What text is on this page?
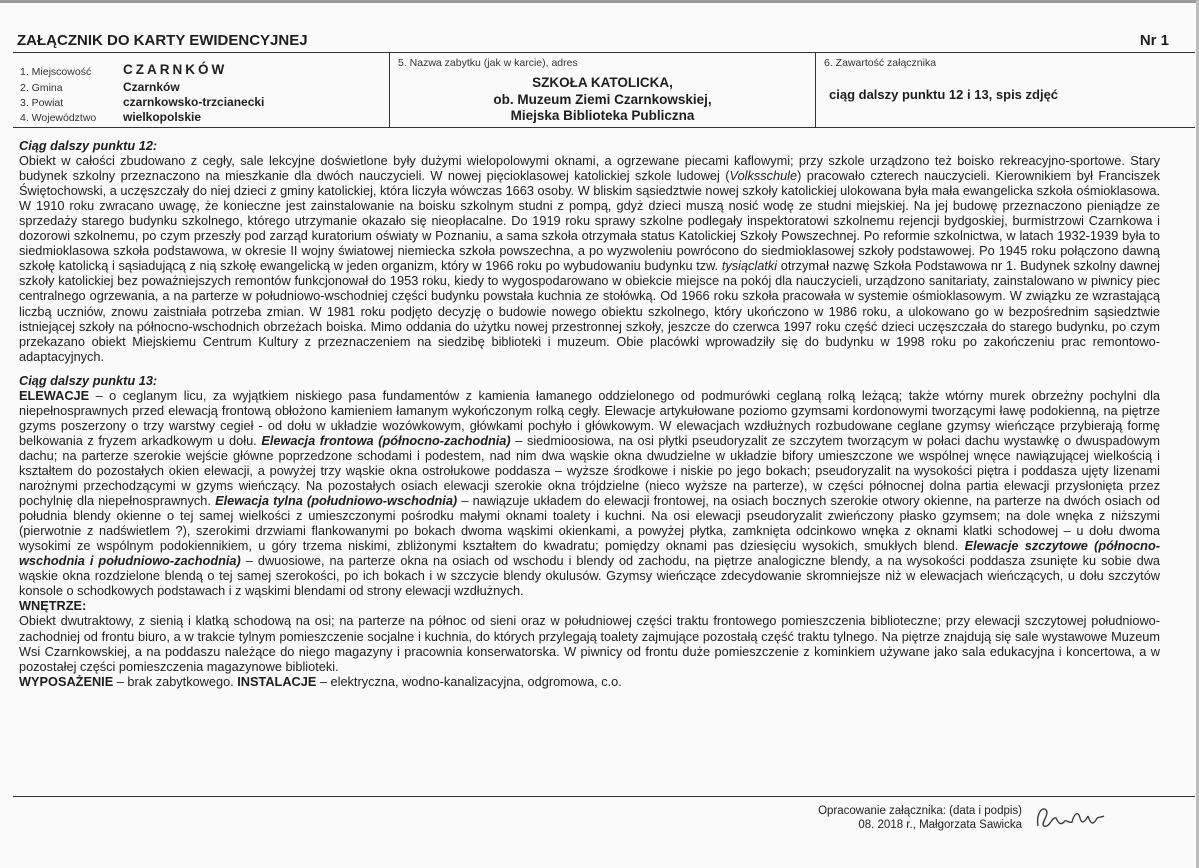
ZAŁĄCZNIK DO KARTY EWIDENCYJNEJ	Nr 1
1. Miejscowość CZARNKÓW
2. Gmina	Czarnków
3. Powiat	czarnkowsko-trzcianecki
4. Województwo wielkopolskie
5. Nazwa zabytku (jak w karcie), adres
SZKOŁA KATOLICKA,
ob. Muzeum Ziemi Czarnkowskiej,
Miejska Biblioteka Publiczna
6. Zawartość załącznika
ciąg dalszy punktu 12 i 13, spis zdjęć

Ciąg dalszy punktu 12:

Obiekt w całości zbudowano z cegły, sale lekcyjne doświetlone były dużymi wielopolowymi oknami, a ogrzewane piecami kaflowymi; przy szkole urządzono też boisko rekreacyjno-sportowe. Stary budynek szkolny przeznaczono na mieszkanie dla dwóch nauczycieli. W nowej pięcioklasowej katolickiej szkole ludowej (Volksschule) pracowało czterech nauczycieli. Kierownikiem był Franciszek Świętochowski, a uczęszczały do niej dzieci z gminy katolickiej, która liczyła wówczas 1663 osoby. W bliskim sąsiedztwie nowej szkoły katolickiej ulokowana była mała ewangelicka szkoła ośmioklasowa. W 1910 roku zwracano uwagę, że konieczne jest zainstalowanie na boisku szkolnym studni z pompą, gdyż dzieci muszą nosić wodę ze studni miejskiej. Na jej budowę przeznaczono pieniądze ze sprzedaży starego budynku szkolnego, którego utrzymanie okazało się nieopłacalne. Do 1919 roku sprawy szkolne podlegały inspektoratowi szkolnemu rejencji bydgoskiej, burmistrzowi Czarnkowa i dozorowi szkolnemu, po czym przeszły pod zarząd kuratorium oświaty w Poznaniu, a sama szkoła otrzymała status Katolickiej Szkoły Powszechnej. Po reformie szkolnictwa, w latach 1932-1939 była to siedmioklasowa szkoła podstawowa, w okresie II wojny światowej niemiecka szkoła powszechna, a po wyzwoleniu powrócono do siedmioklasowej szkoły podstawowej. Po 1945 roku połączono dawną szkołę katolicką i sąsiadującą z nią szkołę ewangelicką w jeden organizm, który w 1966 roku po wybudowaniu budynku tzw. tysiąclatki otrzymał nazwę Szkoła Podstawowa nr 1. Budynek szkolny dawnej szkoły katolickiej bez poważniejszych remontów funkcjonował do 1953 roku, kiedy to wygospodarowano w obiekcie miejsce na pokój dla nauczycieli, urządzono sanitariaty, zainstalowano w piwnicy piec centralnego ogrzewania, a na parterze w południowo-wschodniej części budynku powstała kuchnia ze stołówką. Od 1966 roku szkoła pracowała w systemie ośmioklasowym. W związku ze wzrastającą liczbą uczniów, znowu zaistniała potrzeba zmian. W 1981 roku podjęto decyzję o budowie nowego obiektu szkolnego, który ukończono w 1986 roku, a ulokowano go w bezpośrednim sąsiedztwie istniejącej szkoły na północno-wschodnich obrzeżach boiska. Mimo oddania do użytku nowej przestronnej szkoły, jeszcze do czerwca 1997 roku część dzieci uczęszczała do starego budynku, po czym przekazano obiekt Miejskiemu Centrum Kultury z przeznaczeniem na siedzibę biblioteki i muzeum. Obie placówki wprowadziły się do budynku w 1998 roku po zakończeniu prac remontowo-adaptacyjnych.

Ciąg dalszy punktu 13:

ELEWACJE – o ceglanym licu, za wyjątkiem niskiego pasa fundamentów z kamienia łamanego oddzielonego od podmurówki ceglaną rolką leżącą; także wtórny murek obrzeżny pochylni dla niepełnosprawnych przed elewacją frontową obłożono kamieniem łamanym wykończonym rolką cegły. Elewacje artykułowane poziomo gzymsami kordonowymi tworzącymi ławę podokienną, na piętrze gzyms poszerzony o trzy warstwy cegieł - od dołu w układzie wozówkowym, główkami pochyło i główkowym. W elewacjach wzdłużnych rozbudowane ceglane gzymsy wieńczące przybierają formę belkowania z fryzem arkadkowym u dołu. Elewacja frontowa (północno-zachodnia) – siedmioosiowa, na osi płytki pseudoryzalit ze szczytem tworzącym w połaci dachu wystawkę o dwuspadowym dachu; na parterze szerokie wejście główne poprzedzone schodami i podestem, nad nim dwa wąskie okna dwudzielne w układzie bifory umieszczone we wspólnej wnęce nawiązującej wielkością i kształtem do pozostałych okien elewacji, a powyżej trzy wąskie okna ostrołukowe poddasza – wyższe środkowe i niskie po jego bokach; pseudoryzalit na wysokości piętra i poddasza ujęty lizenami narożnymi przechodzącymi w gzyms wieńczący. Na pozostałych osiach elewacji szerokie okna trójdzielne (nieco wyższe na parterze), w części północnej dolna partia elewacji przysłonięta przez pochylnię dla niepełnosprawnych. Elewacja tylna (południowo-wschodnia) – nawiązuje układem do elewacji frontowej, na osiach bocznych szerokie otwory okienne, na parterze na dwóch osiach od południa blendy okienne o tej samej wielkości z umieszczonymi pośrodku małymi oknami toalety i kuchni. Na osi elewacji pseudoryzalit zwieńczony płasko gzymsem; na dole wnęka z niższymi (pierwotnie z nadświetlem ?), szerokimi drzwiami flankowanymi po bokach dwoma wąskimi okienkami, a powyżej płytka, zamknięta odcinkowo wnęka z oknami klatki schodowej – u dołu dwoma wysokimi ze wspólnym podokiennikiem, u góry trzema niskimi, zbliżonymi kształtem do kwadratu; pomiędzy oknami pas dziesięciu wysokich, smukłych blend. Elewacje szczytowe (północno-wschodnia i południowo-zachodnia) – dwuosiowe, na parterze okna na osiach od wschodu i blendy od zachodu, na piętrze analogiczne blendy, a na wysokości poddasza zsunięte ku sobie dwa wąskie okna rozdzielone blendą o tej samej szerokości, po ich bokach i w szczycie blendy okulusów. Gzymsy wieńczące zdecydowanie skromniejsze niż w elewacjach wieńczących, u dołu szczytów konsole o schodkowych podstawach i z wąskimi blendami od strony elewacji wzdłużnych.

WNĘTRZE:

Obiekt dwutraktowy, z sienią i klatką schodową na osi; na parterze na północ od sieni oraz w południowej części traktu frontowego pomieszczenia biblioteczne; przy elewacji szczytowej południowo-zachodniej od frontu biuro, a w trakcie tylnym pomieszczenie socjalne i kuchnia, do których przylegają toalety zajmujące pozostałą część traktu tylnego. Na piętrze znajdują się sale wystawowe Muzeum Wsi Czarnkowskiej, a na poddaszu należące do niego magazyny i pracownia konserwatorska. W piwnicy od frontu duże pomieszczenie z kominkiem używane jako sala edukacyjna i koncertowa, a w pozostałej części pomieszczenia magazynowe biblioteki.

WYPOSAŻENIE – brak zabytkowego. INSTALACJE – elektryczna, wodno-kanalizacyjna, odgromowa, c.o.

Opracowanie załącznika: (data i podpis)
08. 2018 r., Małgorzata Sawicka
